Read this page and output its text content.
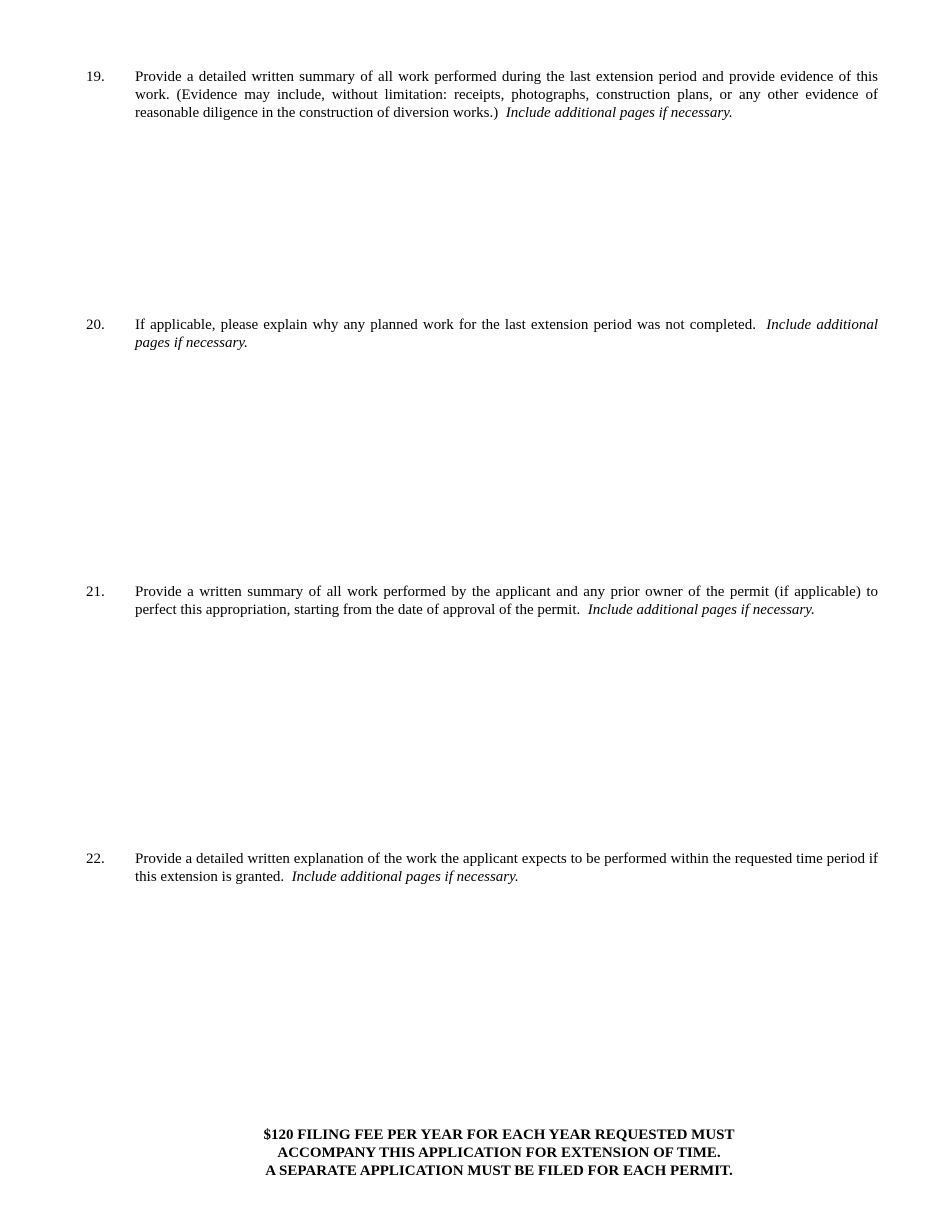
19.	Provide a detailed written summary of all work performed during the last extension period and provide evidence of this work. (Evidence may include, without limitation: receipts, photographs, construction plans, or any other evidence of reasonable diligence in the construction of diversion works.) Include additional pages if necessary.
20.	If applicable, please explain why any planned work for the last extension period was not completed. Include additional pages if necessary.
21.	Provide a written summary of all work performed by the applicant and any prior owner of the permit (if applicable) to perfect this appropriation, starting from the date of approval of the permit. Include additional pages if necessary.
22.	Provide a detailed written explanation of the work the applicant expects to be performed within the requested time period if this extension is granted. Include additional pages if necessary.
$120 FILING FEE PER YEAR FOR EACH YEAR REQUESTED MUST
ACCOMPANY THIS APPLICATION FOR EXTENSION OF TIME.
A SEPARATE APPLICATION MUST BE FILED FOR EACH PERMIT.
